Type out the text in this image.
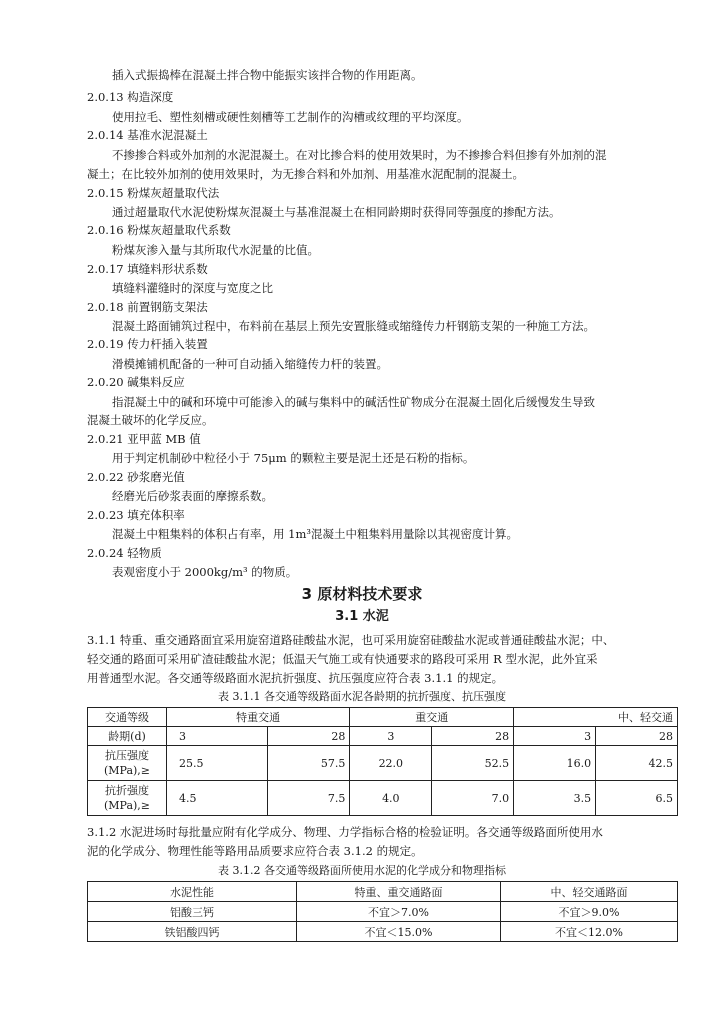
插入式振捣棒在混凝土拌合物中能振实该拌合物的作用距离。
2.0.13 构造深度
使用拉毛、塑性刻槽或硬性刻槽等工艺制作的沟槽或纹理的平均深度。
2.0.14 基准水泥混凝土
不掺掺合料或外加剂的水泥混凝土。在对比掺合料的使用效果时，为不掺掺合料但掺有外加剂的混
凝土；在比较外加剂的使用效果时，为无掺合料和外加剂、用基准水泥配制的混凝土。
2.0.15 粉煤灰超量取代法
通过超量取代水泥使粉煤灰混凝土与基准混凝土在相同龄期时获得同等强度的掺配方法。
2.0.16 粉煤灰超量取代系数
粉煤灰渗入量与其所取代水泥量的比值。
2.0.17 填缝料形状系数
填缝料灌缝时的深度与宽度之比
2.0.18 前置钢筋支架法
混凝土路面铺筑过程中，布料前在基层上预先安置胀缝或缩缝传力杆钢筋支架的一种施工方法。
2.0.19 传力杆插入装置
滑模摊铺机配备的一种可自动插入缩缝传力杆的装置。
2.0.20 碱集料反应
指混凝土中的碱和环境中可能渗入的碱与集料中的碱活性矿物成分在混凝土固化后缓慢发生导致
混凝土破坏的化学反应。
2.0.21 亚甲蓝 MB 值
用于判定机制砂中粒径小于 75μm 的颗粒主要是泥土还是石粉的指标。
2.0.22 砂浆磨光值
经磨光后砂浆表面的摩擦系数。
2.0.23 填充体积率
混凝土中粗集料的体积占有率，用 1m³混凝土中粗集料用量除以其视密度计算。
2.0.24 轻物质
表观密度小于 2000kg/m³ 的物质。
3 原材料技术要求
3.1 水泥
3.1.1 特重、重交通路面宜采用旋窑道路硅酸盐水泥，也可采用旋窑硅酸盐水泥或普通硅酸盐水泥；中、
轻交通的路面可采用矿渣硅酸盐水泥；低温天气施工或有快通要求的路段可采用 R 型水泥，此外宜采
用普通型水泥。各交通等级路面水泥抗折强度、抗压强度应符合表 3.1.1 的规定。
表 3.1.1 各交通等级路面水泥各龄期的抗折强度、抗压强度
交通等级	特重交通		重交通		中、轻交通	
龄期(d)	3	28	3	28	3	28

抗压强度
(MPa),≥	25.5	57.5	22.0	52.5	16.0	42.5

抗折强度
(MPa),≥	4.5	7.5	4.0	7.0	3.5	6.5
3.1.2 水泥进场时每批量应附有化学成分、物理、力学指标合格的检验证明。各交通等级路面所使用水
泥的化学成分、物理性能等路用品质要求应符合表 3.1.2 的规定。
表 3.1.2 各交通等级路面所使用水泥的化学成分和物理指标
水泥性能	特重、重交通路面	中、轻交通路面
铝酸三钙	不宜＞7.0%	不宜＞9.0%
铁铝酸四钙	不宜＜15.0%	不宜＜12.0%
